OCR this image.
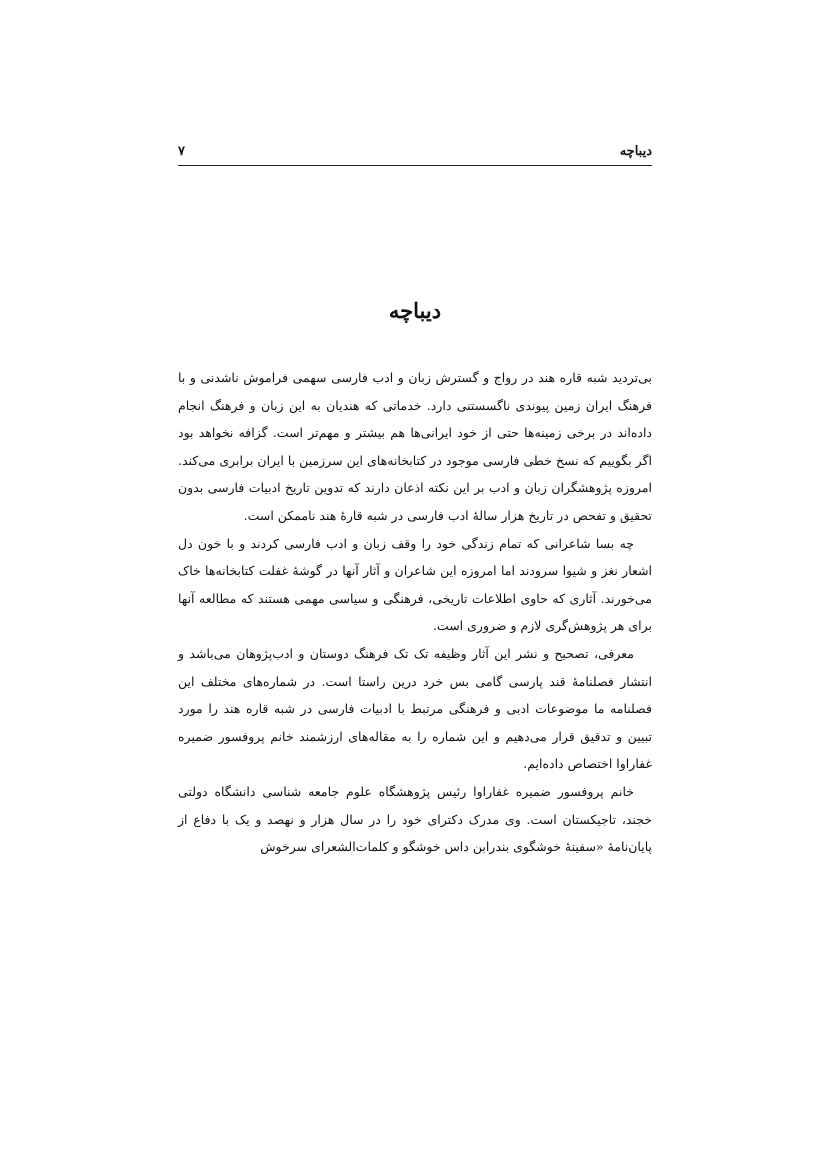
دیباچه
۷
دیباچه

بی‌تردید شبه قاره هند در رواج و گسترش زبان و ادب فارسی سهمی فراموش ناشدنی و با فرهنگ ایران زمین پیوندی ناگسستنی دارد. خدماتی که هندیان به این زبان و فرهنگ انجام داده‌اند در برخی زمینه‌ها حتی از خود ایرانی‌ها هم بیشتر و مهم‌تر است. گزافه نخواهد بود اگر بگوییم که نسخ خطی فارسی موجود در کتابخانه‌های این سرزمین با ایران برابری می‌کند. امروزه پژوهشگران زبان و ادب بر این نکته اذعان دارند که تدوین تاریخ ادبیات فارسی بدون تحقیق و تفحص در تاریخ هزار سالهٔ ادب فارسی در شبه قارهٔ هند ناممکن است.

چه بسا شاعرانی که تمام زندگی خود را وقف زبان و ادب فارسی کردند و با خون دل اشعار نغز و شیوا سرودند اما امروزه این شاعران و آثار آنها در گوشهٔ غفلت کتابخانه‌ها خاک می‌خورند. آثاری که حاوی اطلاعات تاریخی، فرهنگی و سیاسی مهمی هستند که مطالعه آنها برای هر پژوهش‌گری لازم و ضروری است.

معرفی، تصحیح و نشر این آثار وظیفه تک تک فرهنگ دوستان و ادب‌پژوهان می‌باشد و انتشار فصلنامهٔ قند پارسی گامی بس خرد درین راستا است. در شماره‌های مختلف این فصلنامه ما موضوعات ادبی و فرهنگی مرتبط با ادبیات فارسی در شبه قاره هند را مورد تبیین و تدقیق قرار می‌دهیم و این شماره را به مقاله‌های ارزشمند خانم پروفسور ضمیره غفاراوا اختصاص داده‌ایم.

خانم پروفسور ضمیره غفاراوا رئیس پژوهشگاه علوم جامعه شناسی دانشگاه دولتی خجند، تاجیکستان است. وی مدرک دکترای خود را در سال هزار و نهصد و یک با دفاع از پایان‌نامهٔ «سفینهٔ خوشگوی بندرابن داس خوشگو و کلمات‌الشعرای سرخوش
